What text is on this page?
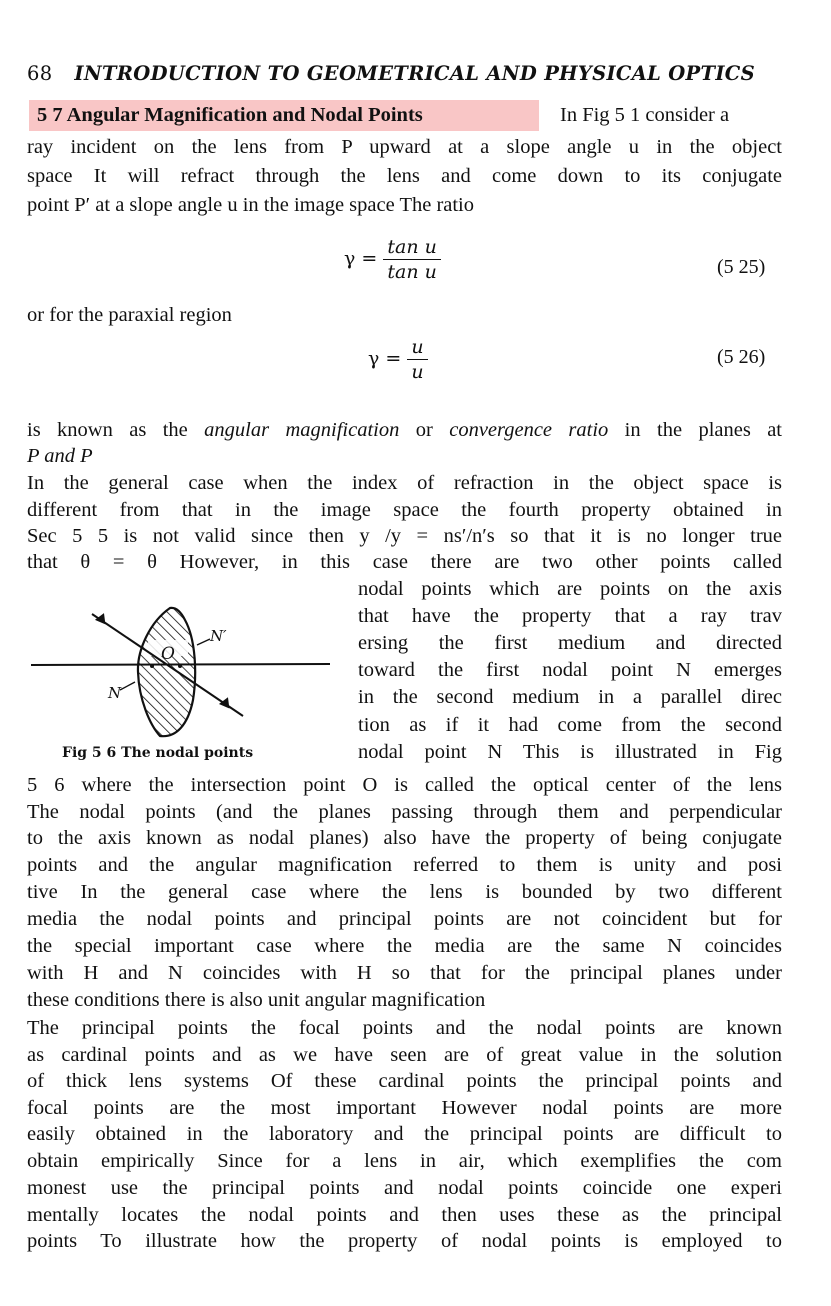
68 INTRODUCTION TO GEOMETRICAL AND PHYSICAL OPTICS
5 7 Angular Magnification and Nodal Points	In Fig 5 1 consider a
ray incident on the lens from P upward at a slope angle u in the object
space It will refract through the lens and come down to its conjugate
point P′ at a slope angle u in the image space The ratio
$\gamma = \frac{\text{tan u}}{\text{tan u}}$	(5 25)
or for the paraxial region
$\gamma = \frac{u}{u}$	(5 26)
is known as the angular magnification or convergence ratio in the planes at
P and P
In the general case when the index of refraction in the object space is
different from that in the image space the fourth property obtained in
Sec 5 5 is not valid since then y /y = ns′/n′s so that it is no longer true
that θ = θ However, in this case there are two other points called
nodal points which are points on the axis
that have the property that a ray trav
ersing the first medium and directed
toward the first nodal point N emerges
in the second medium in a parallel direc
tion as if it had come from the second
nodal point N This is illustrated in Fig
O
N
N′
Fig 5 6 The nodal points
5 6 where the intersection point O is called the optical center of the lens
The nodal points (and the planes passing through them and perpendicular
to the axis known as nodal planes) also have the property of being conjugate
points and the angular magnification referred to them is unity and posi
tive In the general case where the lens is bounded by two different
media the nodal points and principal points are not coincident but for
the special important case where the media are the same N coincides
with H and N coincides with H so that for the principal planes under
these conditions there is also unit angular magnification
The principal points the focal points and the nodal points are known
as cardinal points and as we have seen are of great value in the solution
of thick lens systems Of these cardinal points the principal points and
focal points are the most important However nodal points are more
easily obtained in the laboratory and the principal points are difficult to
obtain empirically Since for a lens in air, which exemplifies the com
monest use the principal points and nodal points coincide one experi
mentally locates the nodal points and then uses these as the principal
points To illustrate how the property of nodal points is employed to
